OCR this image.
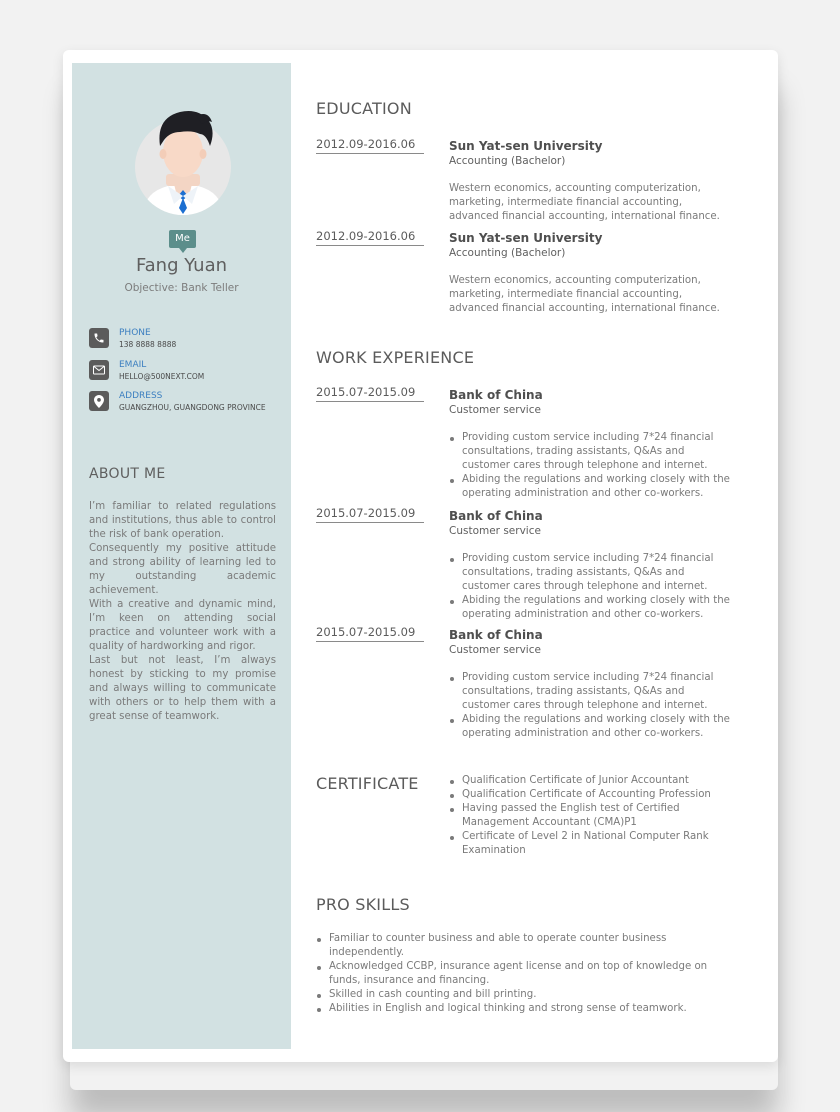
Me
Fang Yuan
Objective: Bank Teller
PHONE
138 8888 8888
EMAIL
HELLO@500NEXT.COM
ADDRESS
GUANGZHOU, GUANGDONG PROVINCE
ABOUT ME

I’m familiar to related regulations and institutions, thus able to control the risk of bank operation.

Consequently my positive attitude and strong ability of learning led to my outstanding academic achievement.

With a creative and dynamic mind, I’m keen on attending social practice and volunteer work with a quality of hardworking and rigor.

Last but not least, I’m always honest by sticking to my promise and always willing to communicate with others or to help them with a great sense of teamwork.

EDUCATION
2012.09-2016.06	Sun Yat-sen University
Accounting (Bachelor)
Western economics, accounting computerization, marketing, intermediate financial accounting, advanced financial accounting, international finance.
2012.09-2016.06	Sun Yat-sen University
Accounting (Bachelor)
Western economics, accounting computerization, marketing, intermediate financial accounting, advanced financial accounting, international finance.
WORK EXPERIENCE
2015.07-2015.09	Bank of China
Customer service
Providing custom service including 7*24 financial consultations, trading assistants, Q&As and customer cares through telephone and internet.
Abiding the regulations and working closely with the operating administration and other co-workers.
2015.07-2015.09	Bank of China
Customer service
Providing custom service including 7*24 financial consultations, trading assistants, Q&As and customer cares through telephone and internet.
Abiding the regulations and working closely with the operating administration and other co-workers.
2015.07-2015.09	Bank of China
Customer service
Providing custom service including 7*24 financial consultations, trading assistants, Q&As and customer cares through telephone and internet.
Abiding the regulations and working closely with the operating administration and other co-workers.
CERTIFICATE	Qualification Certificate of Junior Accountant
Qualification Certificate of Accounting Profession
Having passed the English test of Certified Management Accountant (CMA)P1
Certificate of Level 2 in National Computer Rank Examination
PRO SKILLS
Familiar to counter business and able to operate counter business independently.
Acknowledged CCBP, insurance agent license and on top of knowledge on funds, insurance and financing.
Skilled in cash counting and bill printing.
Abilities in English and logical thinking and strong sense of teamwork.
